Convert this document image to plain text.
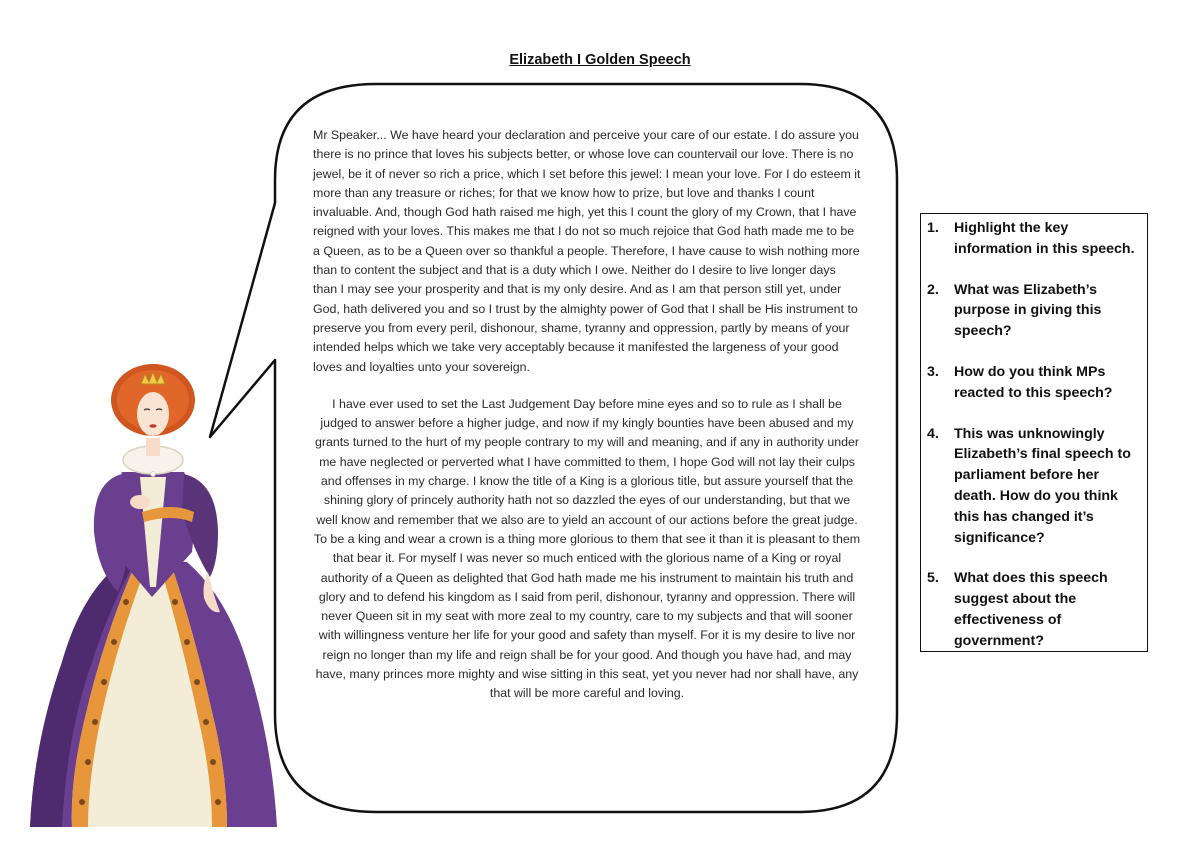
Elizabeth I Golden Speech

Mr Speaker... We have heard your declaration and perceive your care of our estate. I do assure you there is no prince that loves his subjects better, or whose love can countervail our love. There is no jewel, be it of never so rich a price, which I set before this jewel: I mean your love. For I do esteem it more than any treasure or riches; for that we know how to prize, but love and thanks I count invaluable. And, though God hath raised me high, yet this I count the glory of my Crown, that I have reigned with your loves. This makes me that I do not so much rejoice that God hath made me to be a Queen, as to be a Queen over so thankful a people. Therefore, I have cause to wish nothing more than to content the subject and that is a duty which I owe. Neither do I desire to live longer days than I may see your prosperity and that is my only desire. And as I am that person still yet, under God, hath delivered you and so I trust by the almighty power of God that I shall be His instrument to preserve you from every peril, dishonour, shame, tyranny and oppression, partly by means of your intended helps which we take very acceptably because it manifested the largeness of your good loves and loyalties unto your sovereign.

I have ever used to set the Last Judgement Day before mine eyes and so to rule as I shall be judged to answer before a higher judge, and now if my kingly bounties have been abused and my grants turned to the hurt of my people contrary to my will and meaning, and if any in authority under me have neglected or perverted what I have committed to them, I hope God will not lay their culps and offenses in my charge. I know the title of a King is a glorious title, but assure yourself that the shining glory of princely authority hath not so dazzled the eyes of our understanding, but that we well know and remember that we also are to yield an account of our actions before the great judge. To be a king and wear a crown is a thing more glorious to them that see it than it is pleasant to them that bear it. For myself I was never so much enticed with the glorious name of a King or royal authority of a Queen as delighted that God hath made me his instrument to maintain his truth and glory and to defend his kingdom as I said from peril, dishonour, tyranny and oppression. There will never Queen sit in my seat with more zeal to my country, care to my subjects and that will sooner with willingness venture her life for your good and safety than myself. For it is my desire to live nor reign no longer than my life and reign shall be for your good. And though you have had, and may have, many princes more mighty and wise sitting in this seat, yet you never had nor shall have, any that will be more careful and loving.

1.	Highlight the key information in this speech.
2.	What was Elizabeth’s purpose in giving this speech?
3.	How do you think MPs reacted to this speech?
4.	This was unknowingly Elizabeth’s final speech to parliament before her death. How do you think this has changed it’s significance?
5.	What does this speech suggest about the effectiveness of government?
